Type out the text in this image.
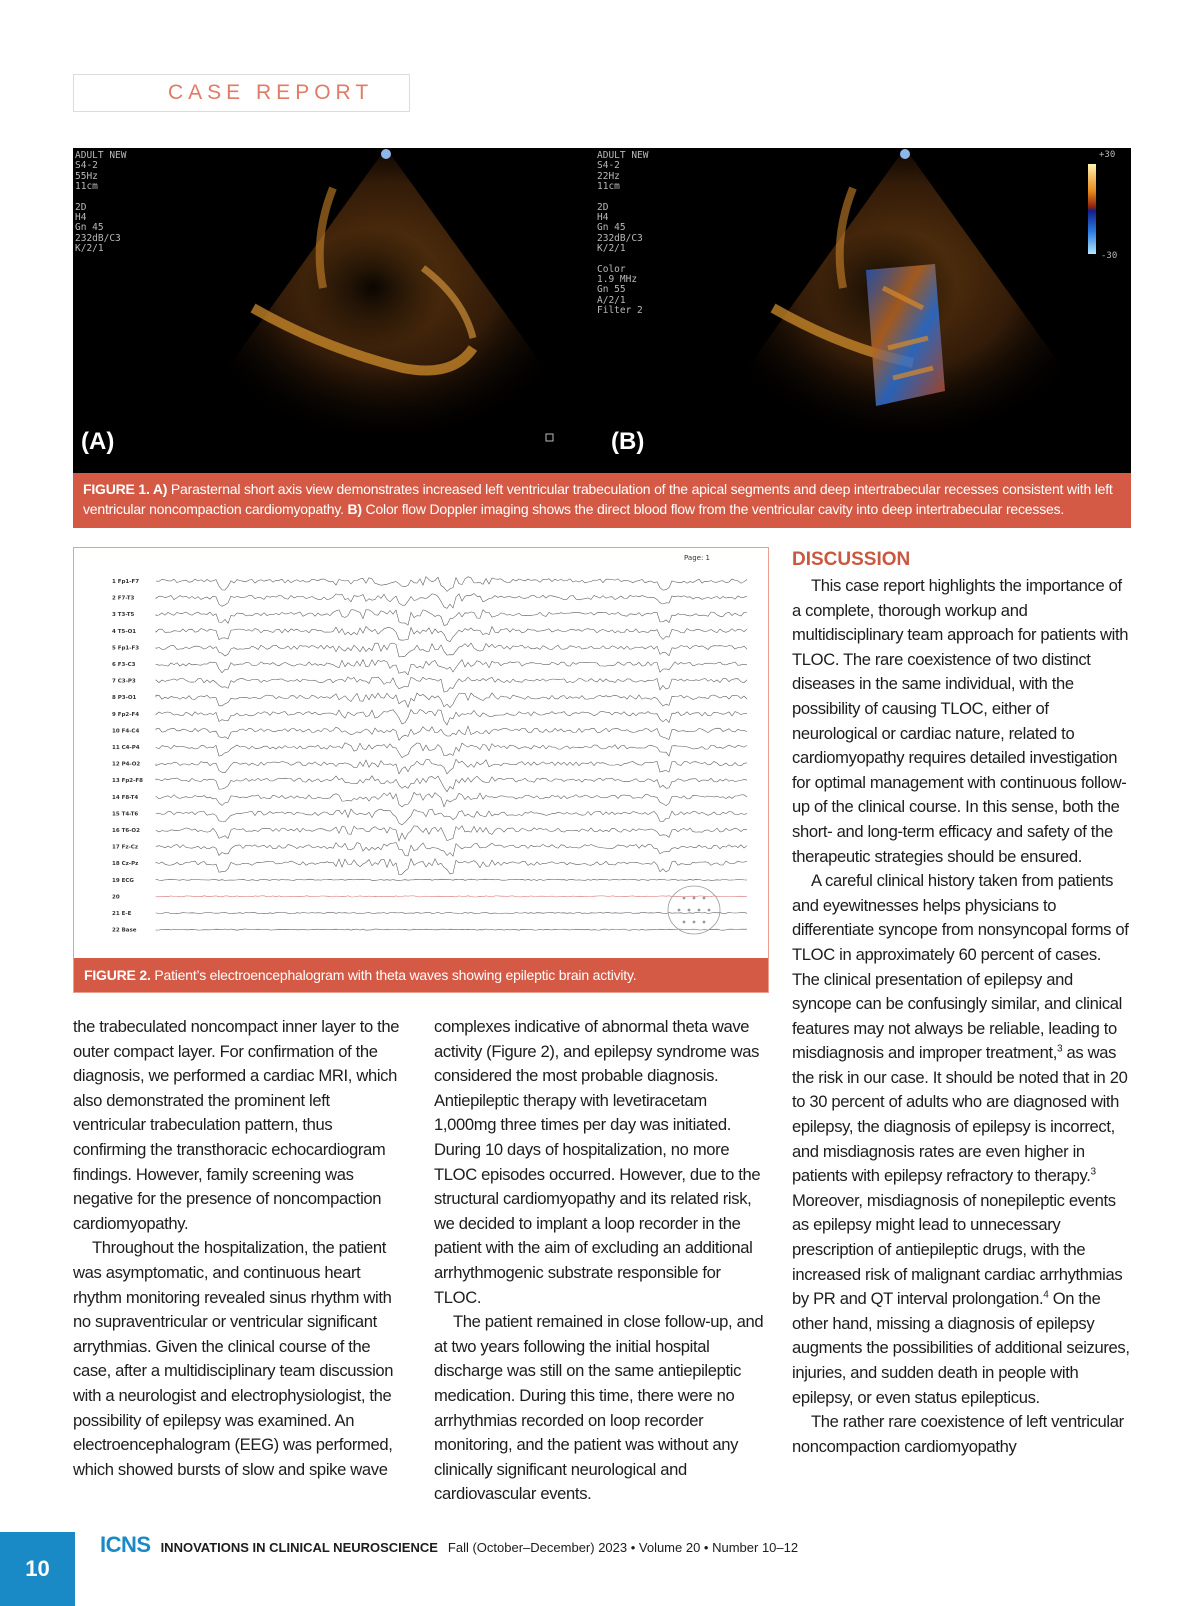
CASE REPORT
ADULT NEW
S4-2
55Hz
11cm
2D
H4
Gn 45
232dB/C3
K/2/1
ADULT NEW
S4-2
22Hz
11cm
2D
H4
Gn 45
232dB/C3
K/2/1
Color
1.9 MHz
Gn 55
A/2/1
Filter 2
+30
-30
(A)	(B)
FIGURE 1. A) Parasternal short axis view demonstrates increased left ventricular trabeculation of the apical segments and deep intertrabecular recesses consistent with left ventricular noncompaction cardiomyopathy. B) Color flow Doppler imaging shows the direct blood flow from the ventricular cavity into deep intertrabecular recesses.
Page: 1
1 Fp1-F7
2 F7-T3
3 T3-T5
4 T5-O1
5 Fp1-F3
6 F3-C3
7 C3-P3
8 P3-O1
9 Fp2-F4
10 F4-C4
11 C4-P4
12 P4-O2
13 Fp2-F8
14 F8-T4
15 T4-T6
16 T6-O2
17 Fz-Cz
18 Cz-Pz
19 ECG
20
21 E-E
22 Base
FIGURE 2. Patient’s electroencephalogram with theta waves showing epileptic brain activity.

the trabeculated noncompact inner layer to the outer compact layer. For confirmation of the diagnosis, we performed a cardiac MRI, which also demonstrated the prominent left ventricular trabeculation pattern, thus confirming the transthoracic echocardiogram findings. However, family screening was negative for the presence of noncompaction cardiomyopathy.

Throughout the hospitalization, the patient was asymptomatic, and continuous heart rhythm monitoring revealed sinus rhythm with no supraventricular or ventricular significant arrythmias. Given the clinical course of the case, after a multidisciplinary team discussion with a neurologist and electrophysiologist, the possibility of epilepsy was examined. An electroencephalogram (EEG) was performed, which showed bursts of slow and spike wave

complexes indicative of abnormal theta wave activity (Figure 2), and epilepsy syndrome was considered the most probable diagnosis. Antiepileptic therapy with levetiracetam 1,000mg three times per day was initiated. During 10 days of hospitalization, no more TLOC episodes occurred. However, due to the structural cardiomyopathy and its related risk, we decided to implant a loop recorder in the patient with the aim of excluding an additional arrhythmogenic substrate responsible for TLOC.

The patient remained in close follow-up, and at two years following the initial hospital discharge was still on the same antiepileptic medication. During this time, there were no arrhythmias recorded on loop recorder monitoring, and the patient was without any clinically significant neurological and cardiovascular events.

DISCUSSION

This case report highlights the importance of a complete, thorough workup and multidisciplinary team approach for patients with TLOC. The rare coexistence of two distinct diseases in the same individual, with the possibility of causing TLOC, either of neurological or cardiac nature, related to cardiomyopathy requires detailed investigation for optimal management with continuous follow-up of the clinical course. In this sense, both the short- and long-term efficacy and safety of the therapeutic strategies should be ensured.

A careful clinical history taken from patients and eyewitnesses helps physicians to differentiate syncope from nonsyncopal forms of TLOC in approximately 60 percent of cases. The clinical presentation of epilepsy and syncope can be confusingly similar, and clinical features may not always be reliable, leading to misdiagnosis and improper treatment,$^3$ as was the risk in our case. It should be noted that in 20 to 30 percent of adults who are diagnosed with epilepsy, the diagnosis of epilepsy is incorrect, and misdiagnosis rates are even higher in patients with epilepsy refractory to therapy.$^3$ Moreover, misdiagnosis of nonepileptic events as epilepsy might lead to unnecessary prescription of antiepileptic drugs, with the increased risk of malignant cardiac arrhythmias by PR and QT interval prolongation.$^4$ On the other hand, missing a diagnosis of epilepsy augments the possibilities of additional seizures, injuries, and sudden death in people with epilepsy, or even status epilepticus.

The rather rare coexistence of left ventricular noncompaction cardiomyopathy

10
ICNS INNOVATIONS IN CLINICAL NEUROSCIENCE Fall (October–December) 2023 • Volume 20 • Number 10–12
